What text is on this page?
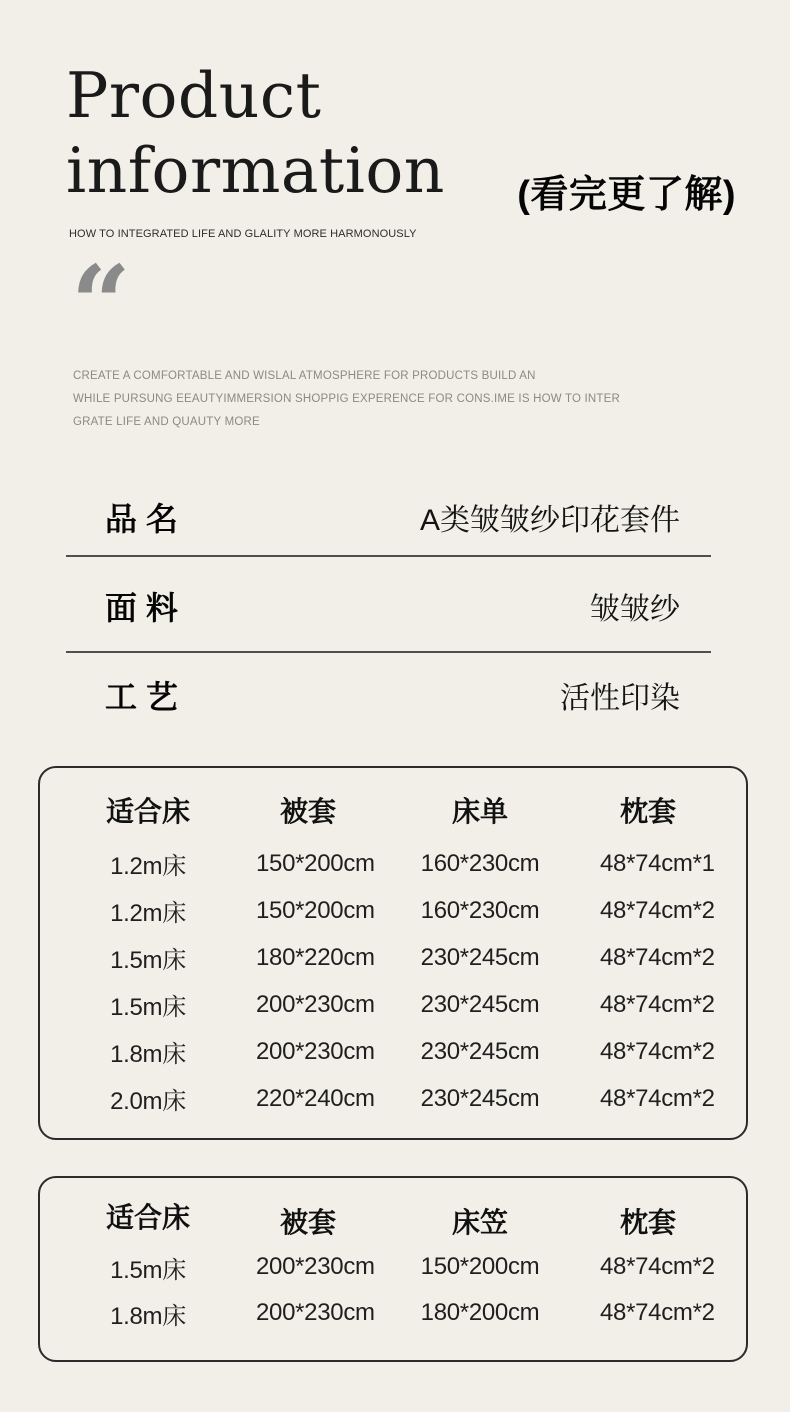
Product
information (看完更了解)
HOW TO INTEGRATED LIFE AND GLALITY MORE HARMONOUSLY
“
CREATE A COMFORTABLE AND WISLAL ATMOSPHERE FOR PRODUCTS BUILD AN
WHILE PURSUNG EEAUTYIMMERSION SHOPPIG EXPERENCE FOR CONS.IME IS HOW TO INTER
GRATE LIFE AND QUAUTY MORE
品 名	A类皱皱纱印花套件
面 料	皱皱纱
工 艺	活性印染
适合床	被套	床单	枕套
1.2m床	150*200cm	160*230cm	48*74cm*1
1.2m床	150*200cm	160*230cm	48*74cm*2
1.5m床	180*220cm	230*245cm	48*74cm*2
1.5m床	200*230cm	230*245cm	48*74cm*2
1.8m床	200*230cm	230*245cm	48*74cm*2
2.0m床	220*240cm	230*245cm	48*74cm*2
适合床	被套	床笠	枕套
1.5m床	200*230cm	150*200cm	48*74cm*2
1.8m床	200*230cm	180*200cm	48*74cm*2
